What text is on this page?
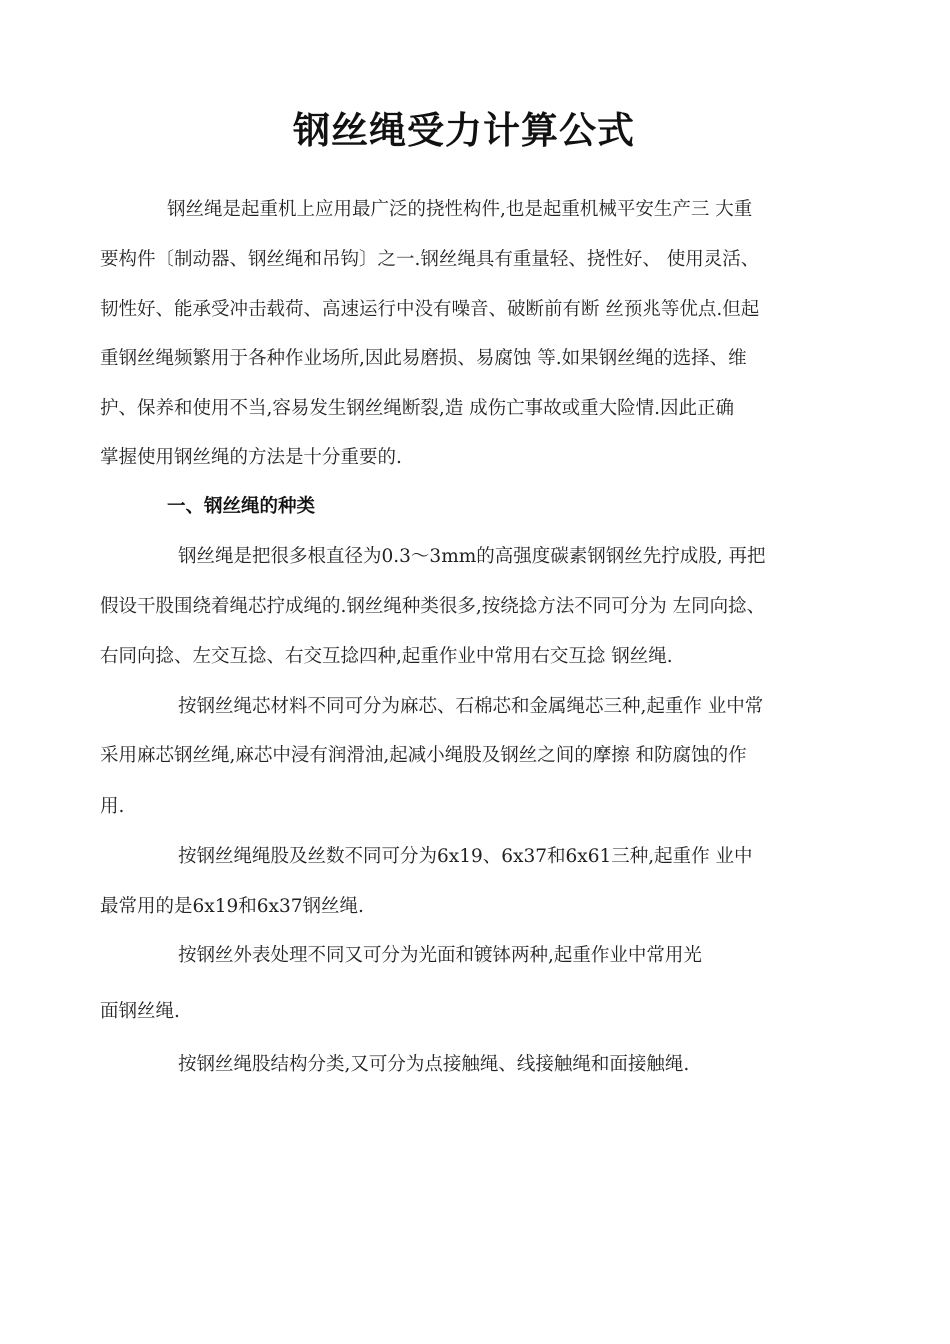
钢丝绳受力计算公式
钢丝绳是起重机上应用最广泛的挠性构件,也是起重机械平安生产三 大重
要构件〔制动器、钢丝绳和吊钩〕之一.钢丝绳具有重量轻、挠性好、 使用灵活、
韧性好、能承受冲击载荷、高速运行中没有噪音、破断前有断 丝预兆等优点.但起
重钢丝绳频繁用于各种作业场所,因此易磨损、易腐蚀 等.如果钢丝绳的选择、维
护、保养和使用不当,容易发生钢丝绳断裂,造 成伤亡事故或重大险情.因此正确
掌握使用钢丝绳的方法是十分重要的.
一、钢丝绳的种类
钢丝绳是把很多根直径为0.3〜3mm的高强度碳素钢钢丝先拧成股, 再把
假设干股围绕着绳芯拧成绳的.钢丝绳种类很多,按绕捻方法不同可分为 左同向捻、
右同向捻、左交互捻、右交互捻四种,起重作业中常用右交互捻 钢丝绳.
按钢丝绳芯材料不同可分为麻芯、石棉芯和金属绳芯三种,起重作 业中常
采用麻芯钢丝绳,麻芯中浸有润滑油,起减小绳股及钢丝之间的摩擦 和防腐蚀的作
用.
按钢丝绳绳股及丝数不同可分为6x19、6x37和6x61三种,起重作 业中
最常用的是6x19和6x37钢丝绳.
按钢丝外表处理不同又可分为光面和镀钵两种,起重作业中常用光
面钢丝绳.
按钢丝绳股结构分类,又可分为点接触绳、线接触绳和面接触绳.
